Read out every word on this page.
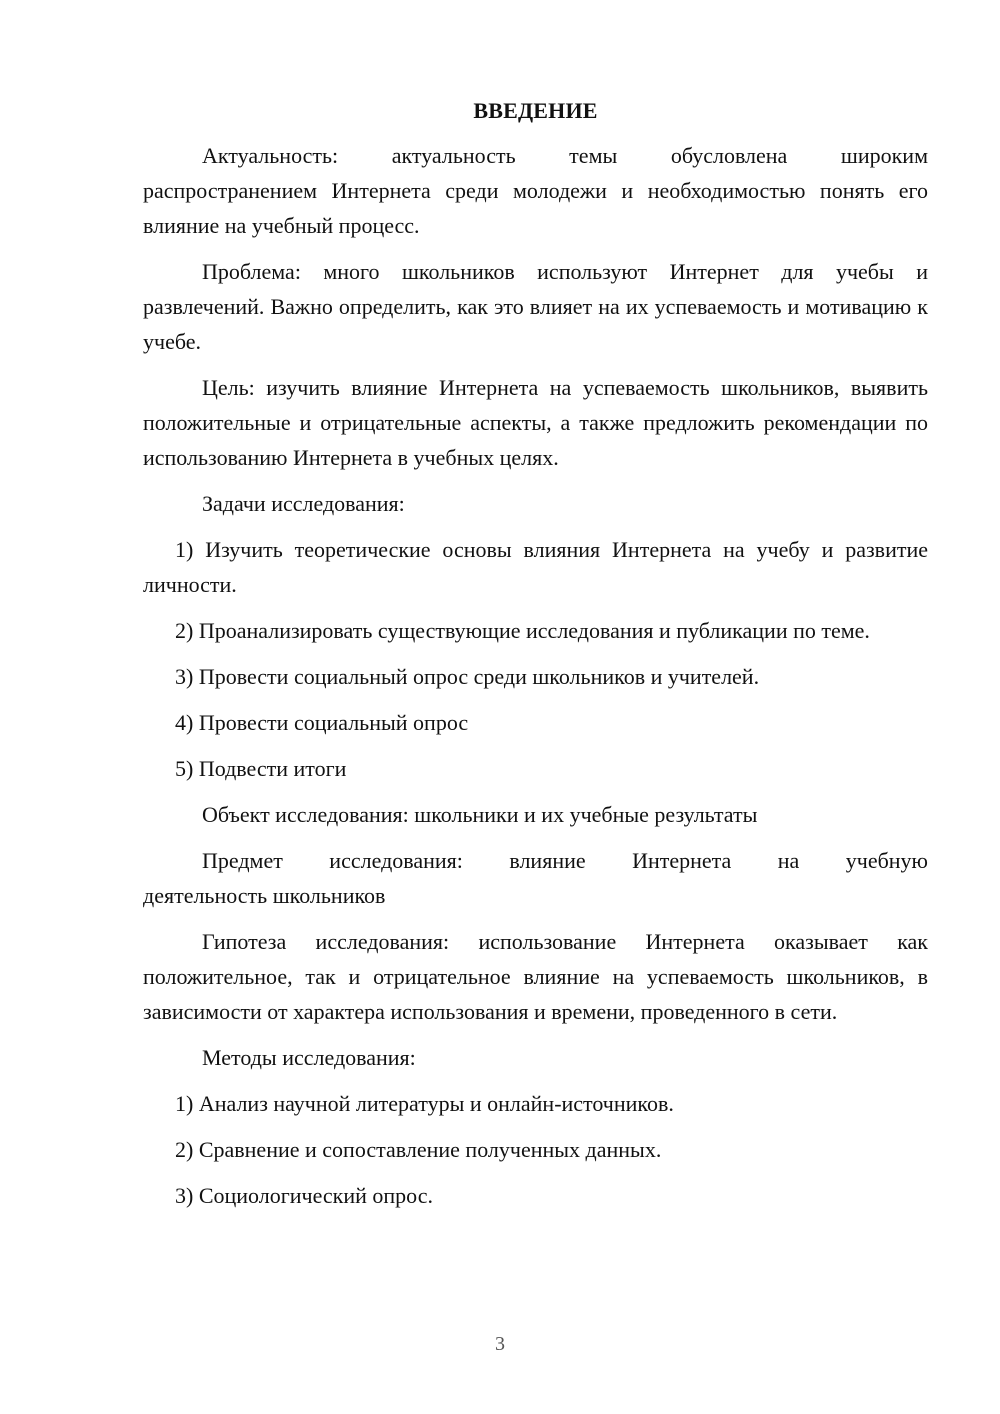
ВВЕДЕНИЕ
Актуальность: актуальность темы обусловлена широким
распространением Интернета среди молодежи и необходимостью понять его влияние на учебный процесс.

Проблема: много школьников используют Интернет для учебы и развлечений. Важно определить, как это влияет на их успеваемость и мотивацию к учебе.

Цель: изучить влияние Интернета на успеваемость школьников, выявить положительные и отрицательные аспекты, а также предложить рекомендации по использованию Интернета в учебных целях.

Задачи исследования:

1) Изучить теоретические основы влияния Интернета на учебу и развитие личности.

2) Проанализировать существующие исследования и публикации по теме.

3) Провести социальный опрос среди школьников и учителей.

4) Провести социальный опрос

5) Подвести итоги

Объект исследования: школьники и их учебные результаты

Предмет исследования: влияние Интернета на учебную
деятельность школьников

Гипотеза исследования: использование Интернета оказывает как положительное, так и отрицательное влияние на успеваемость школьников, в зависимости от характера использования и времени, проведенного в сети.

Методы исследования:

1) Анализ научной литературы и онлайн-источников.

2) Сравнение и сопоставление полученных данных.

3) Социологический опрос.

3
